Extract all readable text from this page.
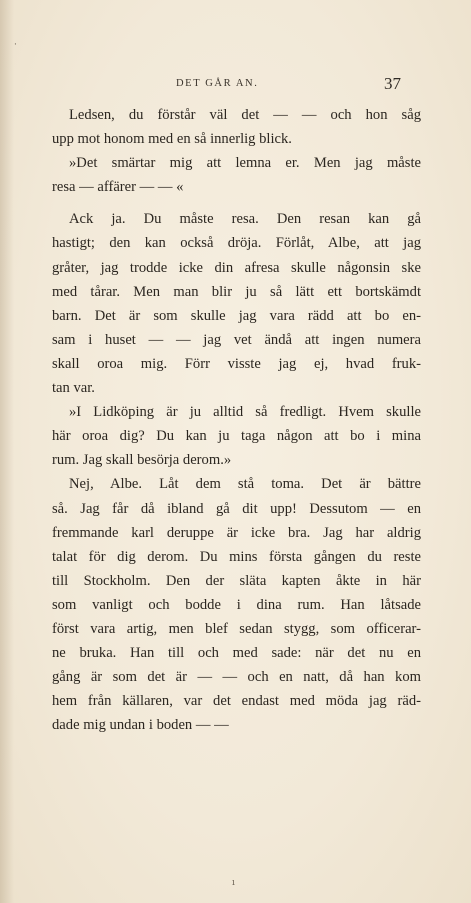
DET GÅR AN.	37
Ledsen, du förstår väl det — — och hon såg
upp mot honom med en så innerlig blick.
»Det smärtar mig att lemna er. Men jag måste
resa — affärer — — «
Ack ja. Du måste resa. Den resan kan gå
hastigt; den kan också dröja. Förlåt, Albe, att jag
gråter, jag trodde icke din afresa skulle någonsin ske
med tårar. Men man blir ju så lätt ett bortskämdt
barn. Det är som skulle jag vara rädd att bo en-
sam i huset — — jag vet ändå att ingen numera
skall oroa mig. Förr visste jag ej, hvad fruk-
tan var.
»I Lidköping är ju alltid så fredligt. Hvem skulle
här oroa dig? Du kan ju taga någon att bo i mina
rum. Jag skall besörja derom.»
Nej, Albe. Låt dem stå toma. Det är bättre
så. Jag får då ibland gå dit upp! Dessutom — en
fremmande karl deruppe är icke bra. Jag har aldrig
talat för dig derom. Du mins första gången du reste
till Stockholm. Den der släta kapten åkte in här
som vanligt och bodde i dina rum. Han låtsade
först vara artig, men blef sedan stygg, som officerar-
ne bruka. Han till och med sade: när det nu en
gång är som det är — — och en natt, då han kom
hem från källaren, var det endast med möda jag räd-
dade mig undan i boden — —
·
ı
